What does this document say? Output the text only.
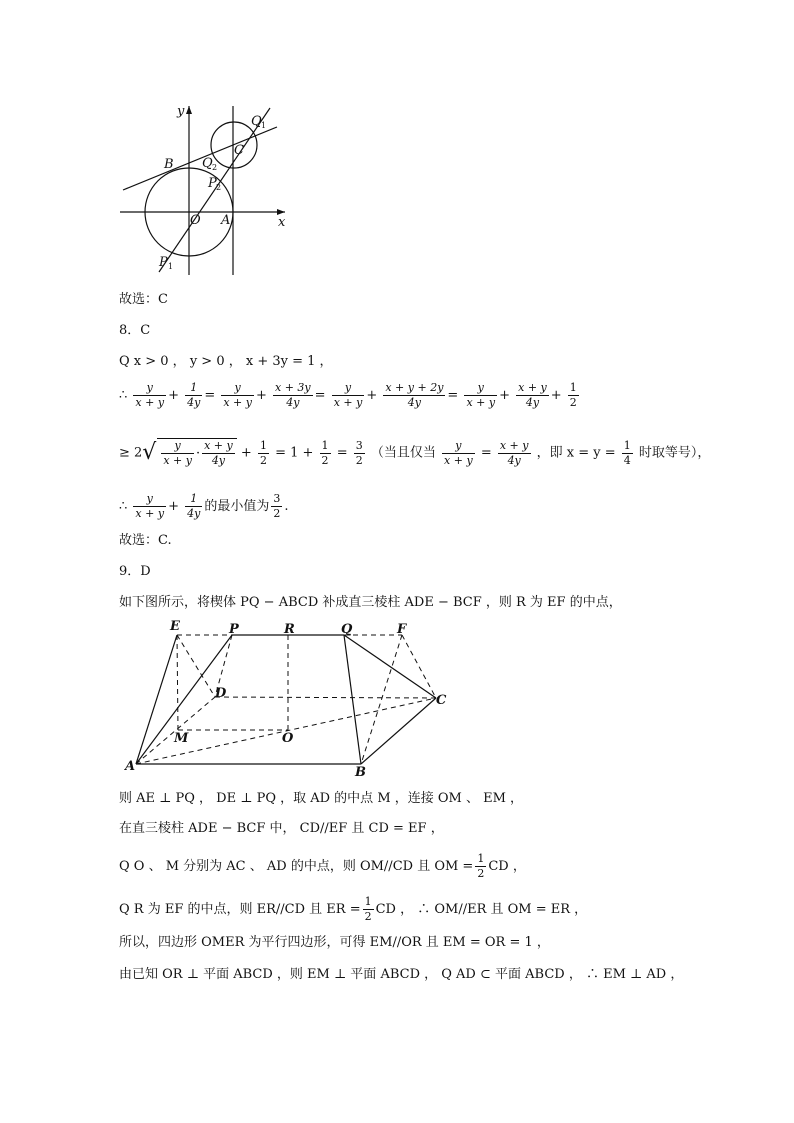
y
x
O A
B
C
Q 1
Q 2
P 2
P 1
故选：C
8．C
Q x > 0 ， y > 0 ， x + 3y = 1 ，
∴ $\frac{y}{x + y} + \frac{1}{4y} = \frac{y}{x + y} + \frac{x + 3y}{4y} = \frac{y}{x + y} + \frac{x + y + 2y}{4y} = \frac{y}{x + y} + \frac{x + y}{4y} + \frac{1}{2}$
≥ $2√ \frac{y}{x + y} \cdot \frac{x + y}{4y} + \frac{1}{2} = 1 + \frac{1}{2} = \frac{3}{2}$ （当且仅当 $\frac{y}{x + y} = \frac{x + y}{4y}$ ，即 $x = y = \frac{1}{4}$ 时取等号），
∴ $\frac{y}{x + y} + \frac{1}{4y}$ 的最小值为 $\frac{3}{2}$ .
故选：C.
9．D
如下图所示，将楔体 PQ − ABCD 补成直三棱柱 ADE − BCF ，则 R 为 EF 的中点，
E	P	R	Q	F
D	C
M	O
A	B
则 AE ⊥ PQ ， DE ⊥ PQ ，取 AD 的中点 M ，连接 OM 、 EM ，
在直三棱柱 ADE − BCF 中， CD//EF 且 CD = EF ，
Q O 、 M 分别为 AC 、 AD 的中点，则 OM//CD 且 OM = $\frac{1}{2}$ CD ，
Q R 为 EF 的中点，则 ER//CD 且 ER = $\frac{1}{2}$ CD ， ∴ OM//ER 且 OM = ER ，
所以，四边形 OMER 为平行四边形，可得 EM//OR 且 EM = OR = 1 ，
由已知 OR ⊥ 平面 ABCD ，则 EM ⊥ 平面 ABCD ， Q AD ⊂ 平面 ABCD ， ∴ EM ⊥ AD ，
